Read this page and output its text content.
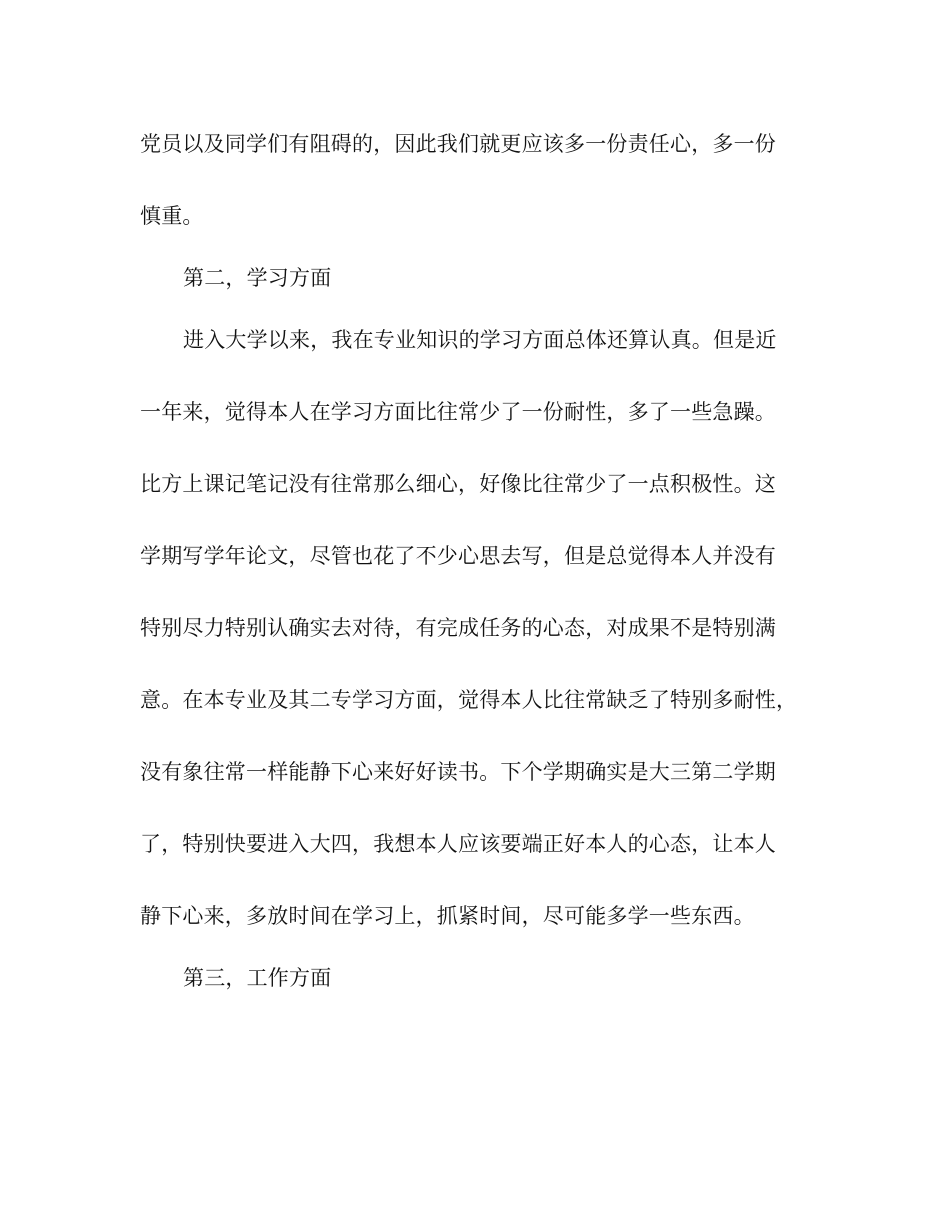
党员以及同学们有阻碍的，因此我们就更应该多一份责任心，多一份
慎重。
第二，学习方面
进入大学以来，我在专业知识的学习方面总体还算认真。但是近
一年来，觉得本人在学习方面比往常少了一份耐性，多了一些急躁。
比方上课记笔记没有往常那么细心，好像比往常少了一点积极性。这
学期写学年论文，尽管也花了不少心思去写，但是总觉得本人并没有
特别尽力特别认确实去对待，有完成任务的心态，对成果不是特别满
意。在本专业及其二专学习方面，觉得本人比往常缺乏了特别多耐性，
没有象往常一样能静下心来好好读书。下个学期确实是大三第二学期
了，特别快要进入大四，我想本人应该要端正好本人的心态，让本人
静下心来，多放时间在学习上，抓紧时间，尽可能多学一些东西。
第三，工作方面
